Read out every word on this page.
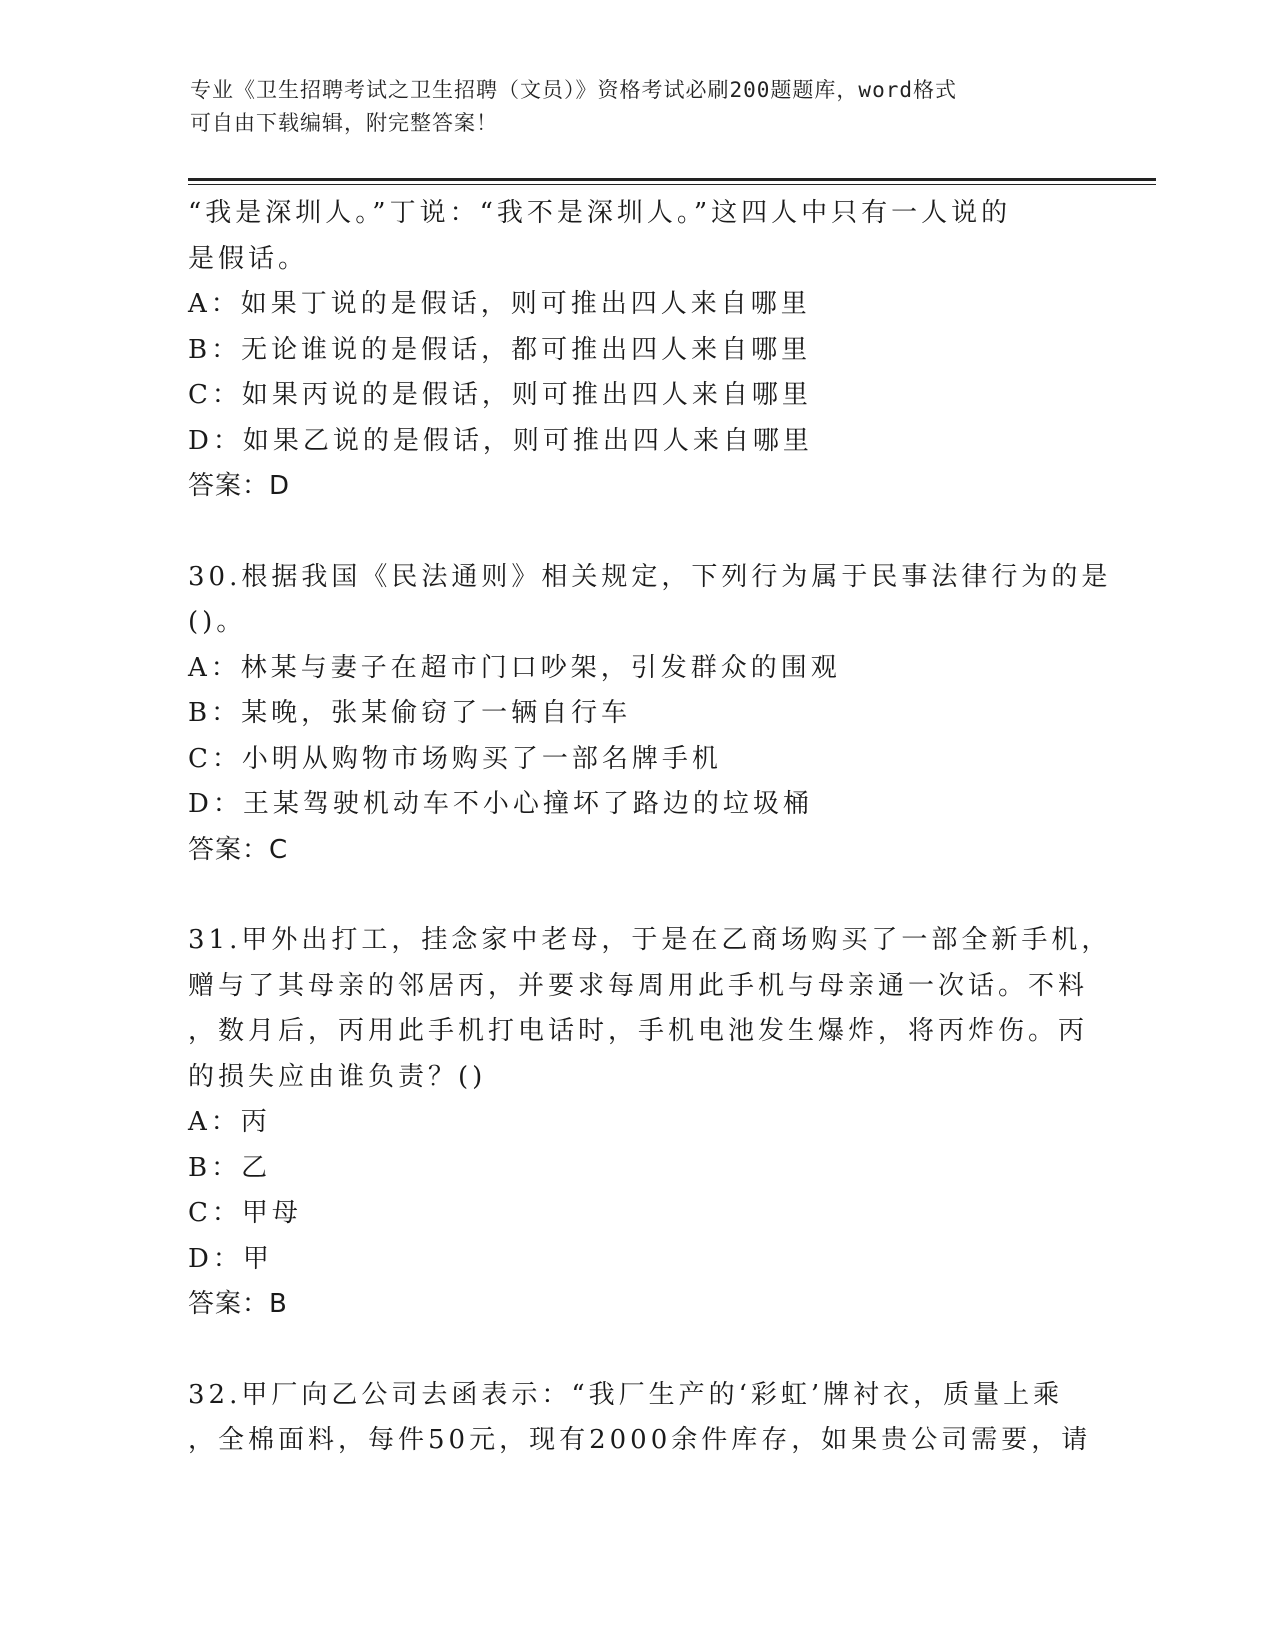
专业《卫生招聘考试之卫生招聘（文员）》资格考试必刷200题题库，word格式
可自由下载编辑，附完整答案！
“我是深圳人。”丁说：“我不是深圳人。”这四人中只有一人说的
是假话。
A：如果丁说的是假话，则可推出四人来自哪里
B：无论谁说的是假话，都可推出四人来自哪里
C：如果丙说的是假话，则可推出四人来自哪里
D：如果乙说的是假话，则可推出四人来自哪里
答案：D
30.根据我国《民法通则》相关规定，下列行为属于民事法律行为的是
()。
A：林某与妻子在超市门口吵架，引发群众的围观
B：某晚，张某偷窃了一辆自行车
C：小明从购物市场购买了一部名牌手机
D：王某驾驶机动车不小心撞坏了路边的垃圾桶
答案：C
31.甲外出打工，挂念家中老母，于是在乙商场购买了一部全新手机，
赠与了其母亲的邻居丙，并要求每周用此手机与母亲通一次话。不料
，数月后，丙用此手机打电话时，手机电池发生爆炸，将丙炸伤。丙
的损失应由谁负责？()
A：丙
B：乙
C：甲母
D：甲
答案：B
32.甲厂向乙公司去函表示：“我厂生产的‘彩虹’牌衬衣，质量上乘
，全棉面料，每件50元，现有2000余件库存，如果贵公司需要，请
